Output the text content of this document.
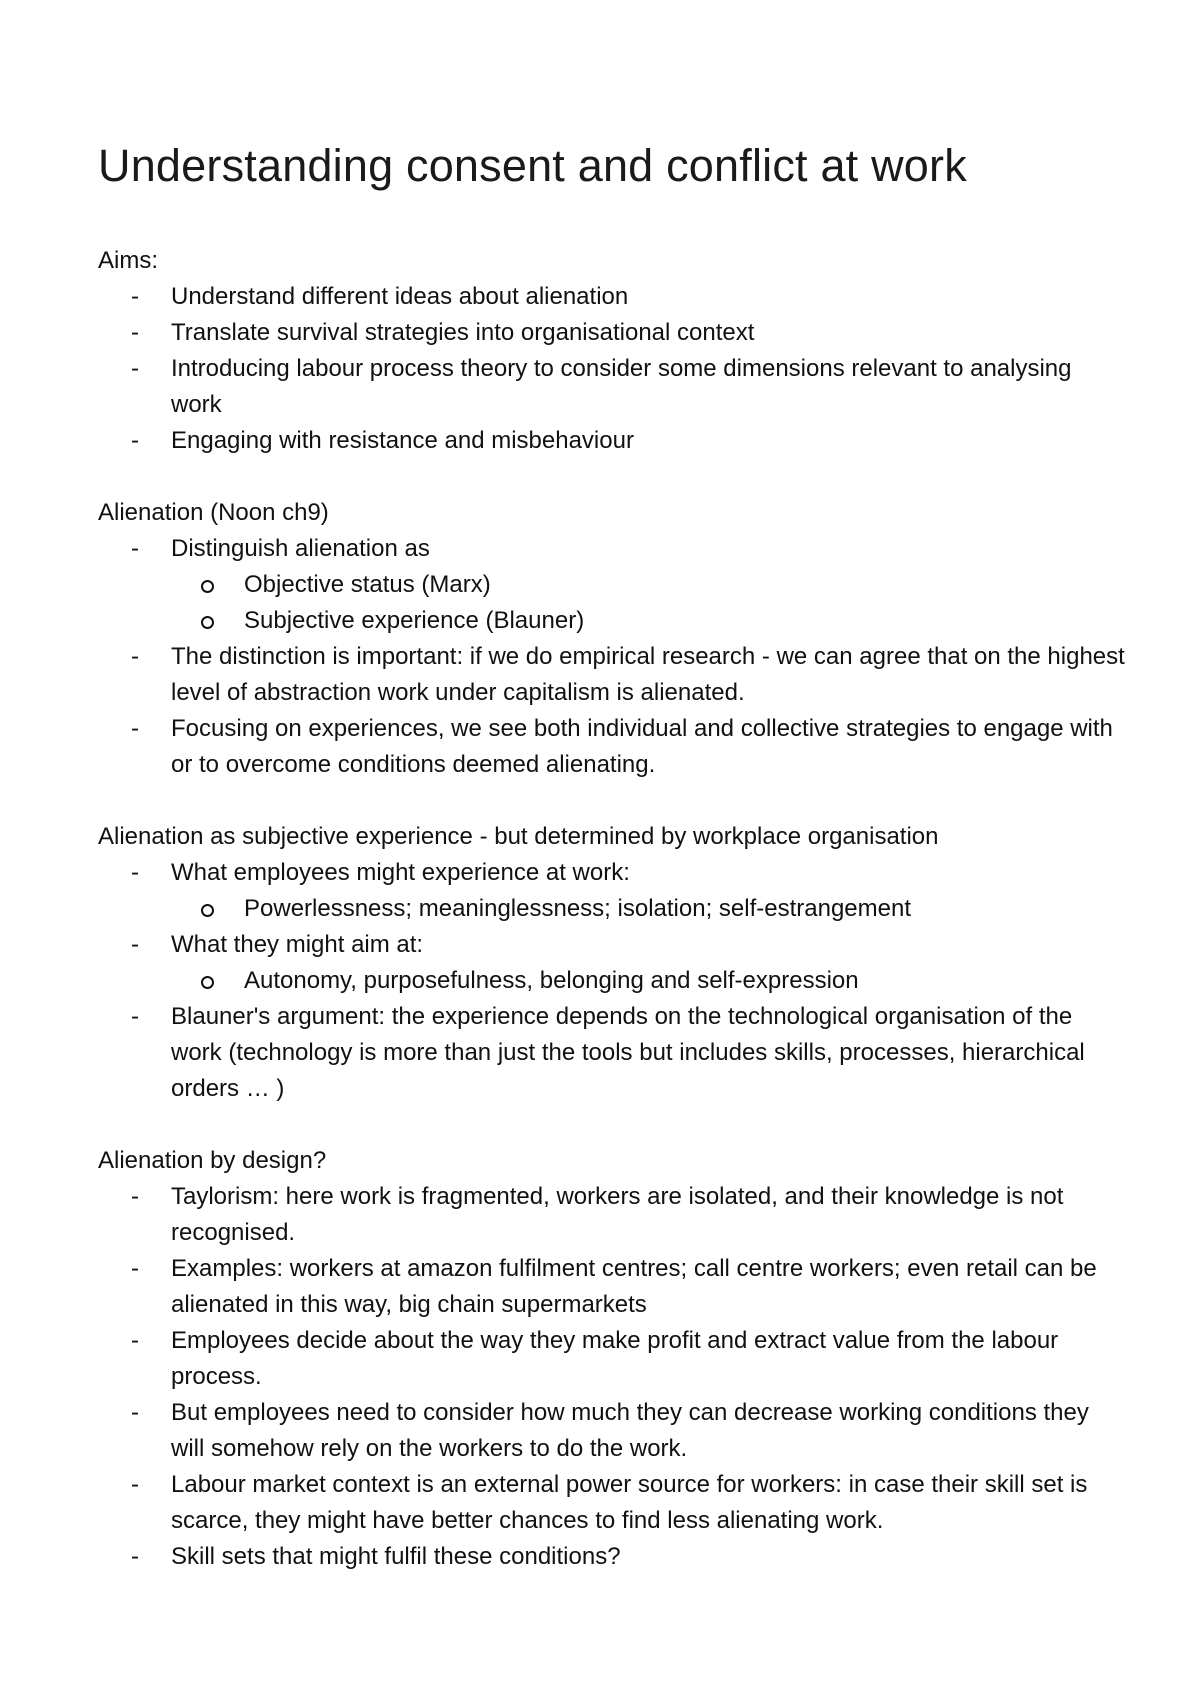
Understanding consent and conflict at work

Aims:

- Understand different ideas about alienation
- Translate survival strategies into organisational context
- Introducing labour process theory to consider some dimensions relevant to analysing work
- Engaging with resistance and misbehaviour

Alienation (Noon ch9)

- Distinguish alienation as
Objective status (Marx)
Subjective experience (Blauner)
- The distinction is important: if we do empirical research - we can agree that on the highest level of abstraction work under capitalism is alienated.
- Focusing on experiences, we see both individual and collective strategies to engage with or to overcome conditions deemed alienating.

Alienation as subjective experience - but determined by workplace organisation

- What employees might experience at work:
Powerlessness; meaninglessness; isolation; self-estrangement
- What they might aim at:
Autonomy, purposefulness, belonging and self-expression
- Blauner's argument: the experience depends on the technological organisation of the work (technology is more than just the tools but includes skills, processes, hierarchical orders … )

Alienation by design?

- Taylorism: here work is fragmented, workers are isolated, and their knowledge is not recognised.
- Examples: workers at amazon fulfilment centres; call centre workers; even retail can be alienated in this way, big chain supermarkets
- Employees decide about the way they make profit and extract value from the labour process.
- But employees need to consider how much they can decrease working conditions they will somehow rely on the workers to do the work.
- Labour market context is an external power source for workers: in case their skill set is scarce, they might have better chances to find less alienating work.
- Skill sets that might fulfil these conditions?
